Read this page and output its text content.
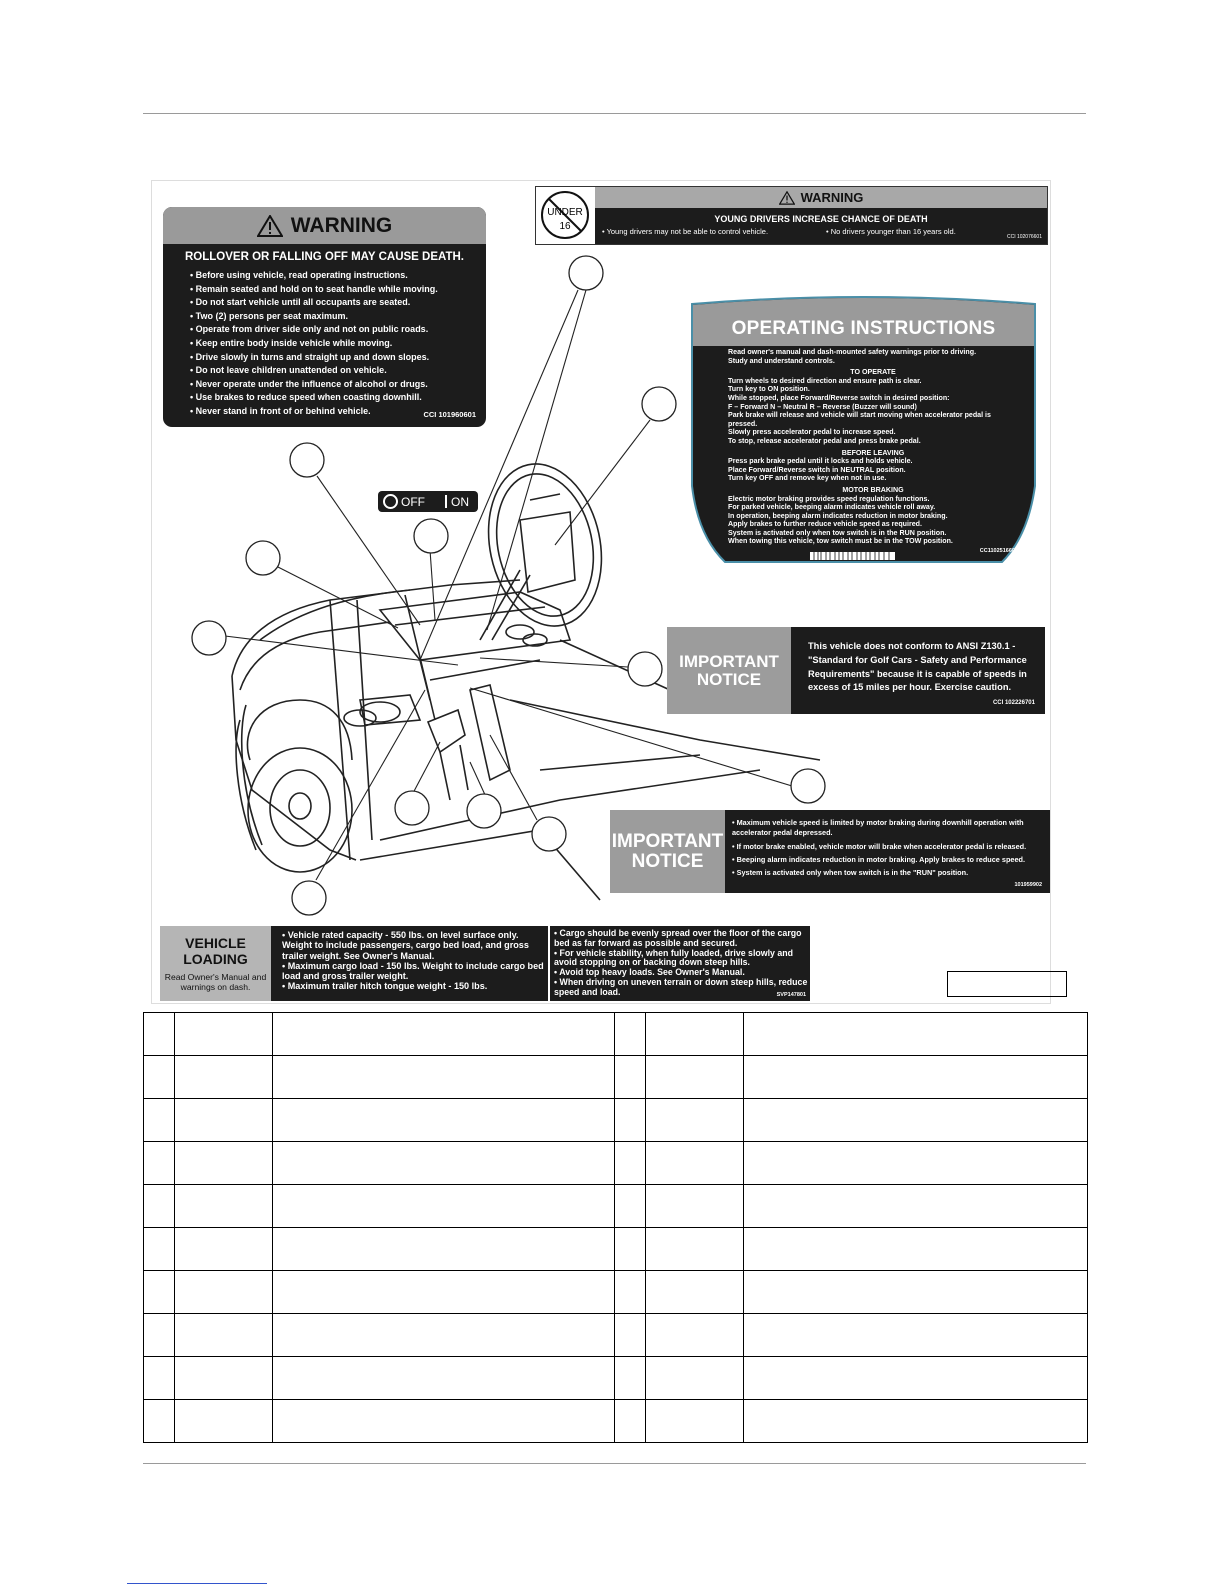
WARNING
ROLLOVER OR FALLING OFF MAY CAUSE DEATH.
• Before using vehicle, read operating instructions.
• Remain seated and hold on to seat handle while moving.
• Do not start vehicle until all occupants are seated.
• Two (2) persons per seat maximum.
• Operate from driver side only and not on public roads.
• Keep entire body inside vehicle while moving.
• Drive slowly in turns and straight up and down slopes.
• Do not leave children unattended on vehicle.
• Never operate under the influence of alcohol or drugs.
• Use brakes to reduce speed when coasting downhill.
• Never stand in front of or behind vehicle.	CCI 101960601
UNDER
16
WARNING
YOUNG DRIVERS INCREASE CHANCE OF DEATH
• Young drivers may not be able to control vehicle.	• No drivers younger than 16 years old.
CCI 102076601
OPERATING INSTRUCTIONS
Read owner's manual and dash-mounted safety warnings prior to driving.
Study and understand controls.
TO OPERATE
Turn wheels to desired direction and ensure path is clear.
Turn key to ON position.
While stopped, place Forward/Reverse switch in desired position:
F – Forward N – Neutral R – Reverse (Buzzer will sound)
Park brake will release and vehicle will start moving when accelerator pedal is pressed.
Slowly press accelerator pedal to increase speed.
To stop, release accelerator pedal and press brake pedal.
BEFORE LEAVING
Press park brake pedal until it locks and holds vehicle.
Place Forward/Reverse switch in NEUTRAL position.
Turn key OFF and remove key when not in use.
MOTOR BRAKING
Electric motor braking provides speed regulation functions.
For parked vehicle, beeping alarm indicates vehicle roll away.
In operation, beeping alarm indicates reduction in motor braking.
Apply brakes to further reduce vehicle speed as required.
System is activated only when tow switch is in the RUN position.
When towing this vehicle, tow switch must be in the TOW position.
CC1102516601
OFF ON
IMPORTANT NOTICE
This vehicle does not conform to ANSI Z130.1 - "Standard for Golf Cars - Safety and Performance Requirements" because it is capable of speeds in excess of 15 miles per hour. Exercise caution.
CCI 102226701
IMPORTANT NOTICE
• Maximum vehicle speed is limited by motor braking during downhill operation with accelerator pedal depressed.
• If motor brake enabled, vehicle motor will brake when accelerator pedal is released.
• Beeping alarm indicates reduction in motor braking. Apply brakes to reduce speed.
• System is activated only when tow switch is in the "RUN" position.
101959902
VEHICLE
LOADING
Read Owner's Manual and warnings on dash.
• Vehicle rated capacity - 550 lbs. on level surface only. Weight to include passengers, cargo bed load, and gross trailer weight. See Owner's Manual.
• Maximum cargo load - 150 lbs. Weight to include cargo bed load and gross trailer weight.
• Maximum trailer hitch tongue weight - 150 lbs.
• Cargo should be evenly spread over the floor of the cargo bed as far forward as possible and secured.
• For vehicle stability, when fully loaded, drive slowly and avoid stopping on or backing down steep hills.
• Avoid top heavy loads. See Owner's Manual.
• When driving on uneven terrain or down steep hills, reduce speed and load.	SVP147801
